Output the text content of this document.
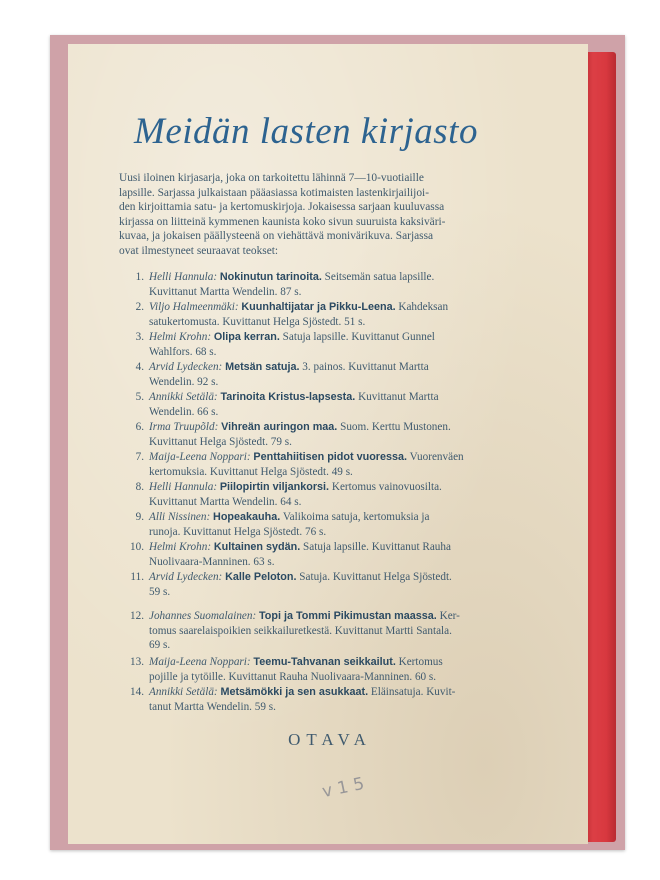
Meidän lasten kirjasto
Uusi iloinen kirjasarja, joka on tarkoitettu lähinnä 7—10-vuotiaille
lapsille. Sarjassa julkaistaan pääasiassa kotimaisten lastenkirjailijoi-
den kirjoittamia satu- ja kertomuskirjoja. Jokaisessa sarjaan kuuluvassa
kirjassa on liitteinä kymmenen kaunista koko sivun suuruista kaksiväri-
kuvaa, ja jokaisen päällysteenä on viehättävä monivärikuva. Sarjassa
ovat ilmestyneet seuraavat teokset:
1. Helli Hannula: Nokinutun tarinoita. Seitsemän satua lapsille.
Kuvittanut Martta Wendelin. 87 s.
2. Viljo Halmeenmäki: Kuunhaltijatar ja Pikku-Leena. Kahdeksan
satukertomusta. Kuvittanut Helga Sjöstedt. 51 s.
3. Helmi Krohn: Olipa kerran. Satuja lapsille. Kuvittanut Gunnel
Wahlfors. 68 s.
4. Arvid Lydecken: Metsän satuja. 3. painos. Kuvittanut Martta
Wendelin. 92 s.
5. Annikki Setälä: Tarinoita Kristus-lapsesta. Kuvittanut Martta
Wendelin. 66 s.
6. Irma Truupõld: Vihreän auringon maa. Suom. Kerttu Mustonen.
Kuvittanut Helga Sjöstedt. 79 s.
7. Maija-Leena Noppari: Penttahiitisen pidot vuoressa. Vuorenväen
kertomuksia. Kuvittanut Helga Sjöstedt. 49 s.
8. Helli Hannula: Piilopirtin viljankorsi. Kertomus vainovuosilta.
Kuvittanut Martta Wendelin. 64 s.
9. Alli Nissinen: Hopeakauha. Valikoima satuja, kertomuksia ja
runoja. Kuvittanut Helga Sjöstedt. 76 s.
10. Helmi Krohn: Kultainen sydän. Satuja lapsille. Kuvittanut Rauha
Nuolivaara-Manninen. 63 s.
11. Arvid Lydecken: Kalle Peloton. Satuja. Kuvittanut Helga Sjöstedt.
59 s.
12. Johannes Suomalainen: Topi ja Tommi Pikimustan maassa. Ker-
tomus saarelaispoikien seikkailuretkestä. Kuvittanut Martti Santala.
69 s.
13. Maija-Leena Noppari: Teemu-Tahvanan seikkailut. Kertomus
pojille ja tytöille. Kuvittanut Rauha Nuolivaara-Manninen. 60 s.
14. Annikki Setälä: Metsämökki ja sen asukkaat. Eläinsatuja. Kuvit-
tanut Martta Wendelin. 59 s.
OTAVA
v 1 5
